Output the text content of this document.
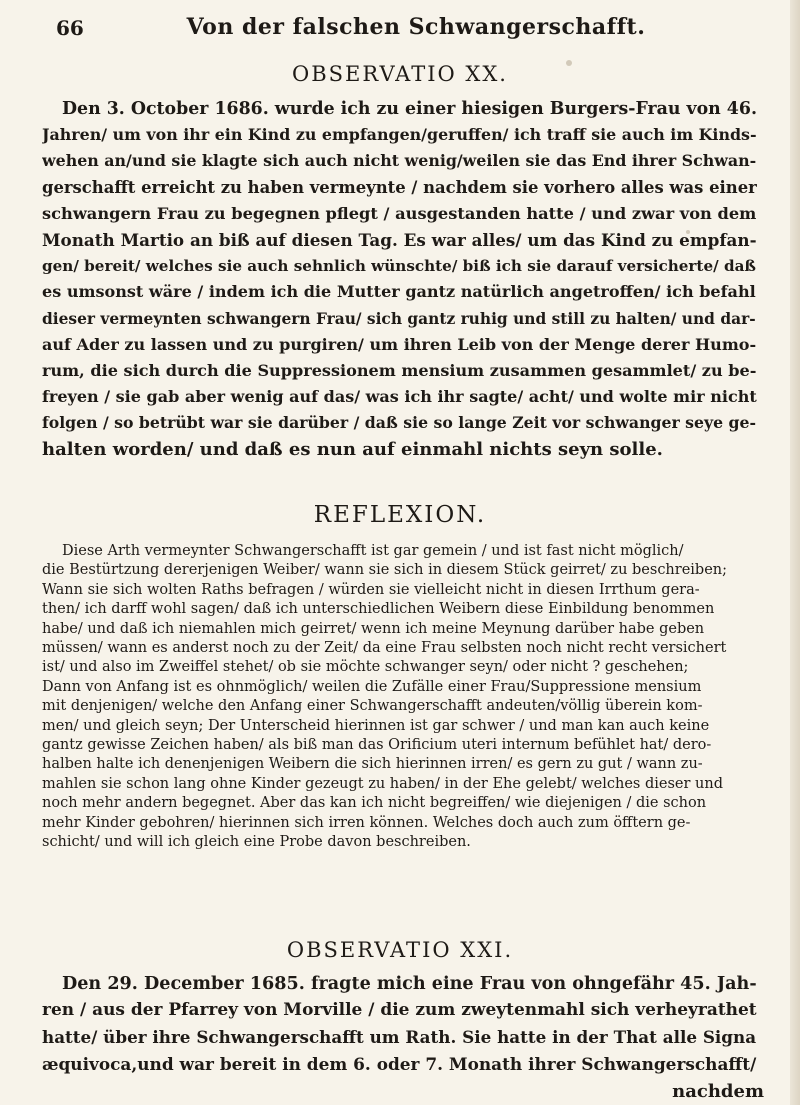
66	Von der falschen Schwangerschafft.
OBSERVATIO XX.
Den 3. October 1686. wurde ich zu einer hiesigen Burgers-Frau von 46.
Jahren/ um von ihr ein Kind zu empfangen/geruffen/ ich traff sie auch im Kinds-
wehen an/und sie klagte sich auch nicht wenig/weilen sie das End ihrer Schwan-
gerschafft erreicht zu haben vermeynte / nachdem sie vorhero alles was einer
schwangern Frau zu begegnen pflegt / ausgestanden hatte / und zwar von dem
Monath Martio an biß auf diesen Tag. Es war alles/ um das Kind zu empfan-
gen/ bereit/ welches sie auch sehnlich wünschte/ biß ich sie darauf versicherte/ daß
es umsonst wäre / indem ich die Mutter gantz natürlich angetroffen/ ich befahl
dieser vermeynten schwangern Frau/ sich gantz ruhig und still zu halten/ und dar-
auf Ader zu lassen und zu purgiren/ um ihren Leib von der Menge derer Humo-
rum, die sich durch die Suppressionem mensium zusammen gesammlet/ zu be-
freyen / sie gab aber wenig auf das/ was ich ihr sagte/ acht/ und wolte mir nicht
folgen / so betrübt war sie darüber / daß sie so lange Zeit vor schwanger seye ge-
halten worden/ und daß es nun auf einmahl nichts seyn solle.
REFLEXION.
Diese Arth vermeynter Schwangerschafft ist gar gemein / und ist fast nicht möglich/
die Bestürtzung dererjenigen Weiber/ wann sie sich in diesem Stück geirret/ zu beschreiben;
Wann sie sich wolten Raths befragen / würden sie vielleicht nicht in diesen Irrthum gera-
then/ ich darff wohl sagen/ daß ich unterschiedlichen Weibern diese Einbildung benommen
habe/ und daß ich niemahlen mich geirret/ wenn ich meine Meynung darüber habe geben
müssen/ wann es anderst noch zu der Zeit/ da eine Frau selbsten noch nicht recht versichert
ist/ und also im Zweiffel stehet/ ob sie möchte schwanger seyn/ oder nicht ? geschehen;
Dann von Anfang ist es ohnmöglich/ weilen die Zufälle einer Frau/Suppressione mensium
mit denjenigen/ welche den Anfang einer Schwangerschafft andeuten/völlig überein kom-
men/ und gleich seyn; Der Unterscheid hierinnen ist gar schwer / und man kan auch keine
gantz gewisse Zeichen haben/ als biß man das Orificium uteri internum befühlet hat/ dero-
halben halte ich denenjenigen Weibern die sich hierinnen irren/ es gern zu gut / wann zu-
mahlen sie schon lang ohne Kinder gezeugt zu haben/ in der Ehe gelebt/ welches dieser und
noch mehr andern begegnet. Aber das kan ich nicht begreiffen/ wie diejenigen / die schon
mehr Kinder gebohren/ hierinnen sich irren können. Welches doch auch zum öfftern ge-
schicht/ und will ich gleich eine Probe davon beschreiben.
OBSERVATIO XXI.
Den 29. December 1685. fragte mich eine Frau von ohngefähr 45. Jah-
ren / aus der Pfarrey von Morville / die zum zweytenmahl sich verheyrathet
hatte/ über ihre Schwangerschafft um Rath. Sie hatte in der That alle Signa
æquivoca,und war bereit in dem 6. oder 7. Monath ihrer Schwangerschafft/
nachdem
